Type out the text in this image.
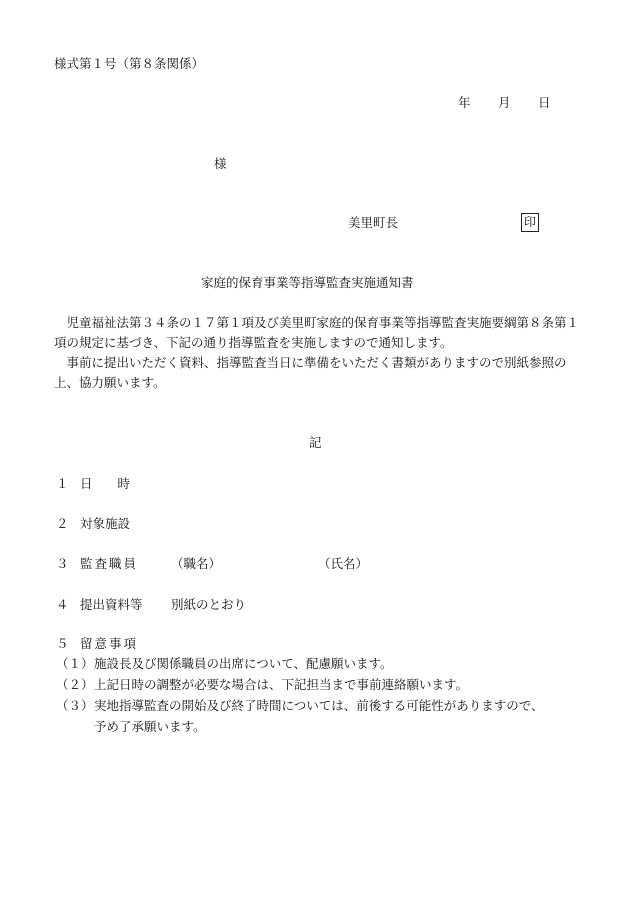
様式第１号（第８条関係）
年 月 日
様
美里町長	印
家庭的保育事業等指導監査実施通知書

児童福祉法第３４条の１７第１項及び美里町家庭的保育事業等指導監査実施要綱第８条第１項の規定に基づき、下記の通り指導監査を実施しますので通知します。

事前に提出いただく資料、指導監査当日に準備をいただく書類がありますので別紙参照の上、協力願います。

記
１ 日　　時
２ 対象施設
３ 監査職員	（職名）	（氏名）
４ 提出資料等 別紙のとおり
５ 留意事項
（１） 施設長及び関係職員の出席について、配慮願います。
（２） 上記日時の調整が必要な場合は、下記担当まで事前連絡願います。
（３） 実地指導監査の開始及び終了時間については、前後する可能性がありますので、
予め了承願います。
